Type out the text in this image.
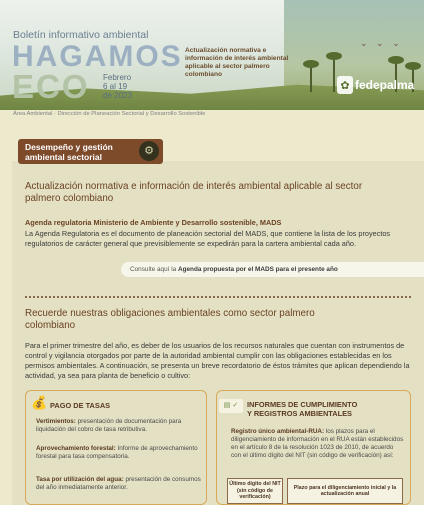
⌄ ⌄ ⌄
Boletín informativo ambiental
HAGAMOS
ECO Febrero
6 al 19
de 2023
Actualización normativa e información de interés ambiental aplicable al sector palmero colombiano
✿ fedepalma
Área Ambiental · Dirección de Planeación Sectorial y Desarrollo Sostenible
Desempeño y gestión
ambiental sectorial	⚙
Actualización normativa e información de interés ambiental aplicable al sector palmero colombiano
Agenda regulatoria Ministerio de Ambiente y Desarrollo sostenible, MADS
La Agenda Regulatoria es el documento de planeación sectorial del MADS, que contiene la lista de los proyectos regulatorios de carácter general que previsiblemente se expedirán para la cartera ambiental cada año.
Consulte aquí la Agenda propuesta por el MADS para el presente año
Recuerde nuestras obligaciones ambientales como sector palmero colombiano
Para el primer trimestre del año, es deber de los usuarios de los recursos naturales que cuentan con instrumentos de control y vigilancia otorgados por parte de la autoridad ambiental cumplir con las obligaciones establecidas en los permisos ambientales. A continuación, se presenta un breve recordatorio de éstos trámites que aplican dependiendo la actividad, ya sea para planta de beneficio o cultivo:
💰 PAGO DE TASAS
Vertimientos: presentación de documentación para liquidación del cobro de tasa retributiva.
Aprovechamiento forestal: Informe de aprovechamiento forestal para tasa compensatoria.
Tasa por utilización del agua: presentación de consumos del año inmediatamente anterior.
▤ ✓	INFORMES DE CUMPLIMIENTO
Y REGISTROS AMBIENTALES
Registro único ambiental-RUA: los plazos para el diligenciamiento de información en el RUA están establecidos en el artículo 8 de la resolución 1023 de 2010, de acuerdo con el último dígito del NIT (sin código de verificación) así:
Último dígito del NIT (sin código de verificación)
Plazo para el diligenciamiento inicial y la actualización anual
